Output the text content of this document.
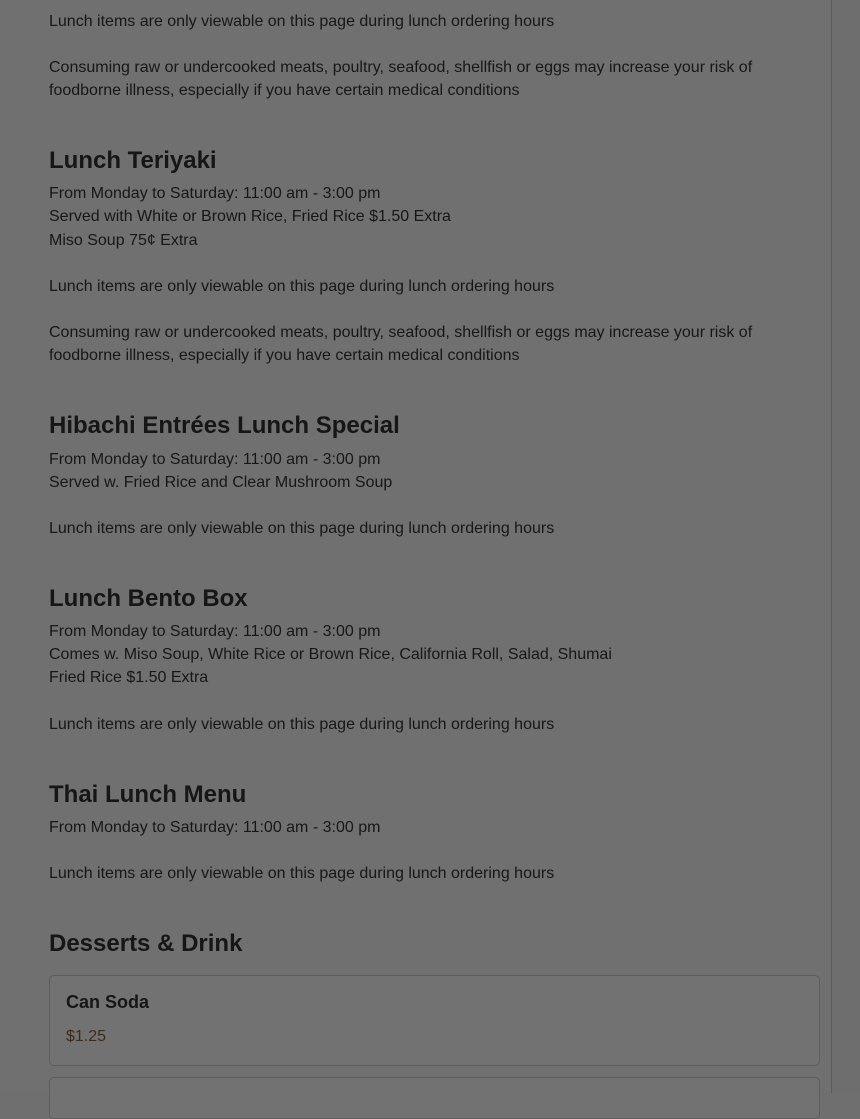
Lunch items are only viewable on this page during lunch ordering hours
Consuming raw or undercooked meats, poultry, seafood, shellfish or eggs may increase your risk of foodborne illness, especially if you have certain medical conditions
Lunch Teriyaki
From Monday to Saturday: 11:00 am - 3:00 pm
Served with White or Brown Rice, Fried Rice $1.50 Extra
Miso Soup 75¢ Extra
Lunch items are only viewable on this page during lunch ordering hours
Consuming raw or undercooked meats, poultry, seafood, shellfish or eggs may increase your risk of foodborne illness, especially if you have certain medical conditions
Hibachi Entrées Lunch Special
From Monday to Saturday: 11:00 am - 3:00 pm
Served w. Fried Rice and Clear Mushroom Soup
Lunch items are only viewable on this page during lunch ordering hours
Lunch Bento Box
From Monday to Saturday: 11:00 am - 3:00 pm
Comes w. Miso Soup, White Rice or Brown Rice, California Roll, Salad, Shumai
Fried Rice $1.50 Extra
Lunch items are only viewable on this page during lunch ordering hours
Thai Lunch Menu
From Monday to Saturday: 11:00 am - 3:00 pm
Lunch items are only viewable on this page during lunch ordering hours
Desserts & Drink
Can Soda
$1.25
